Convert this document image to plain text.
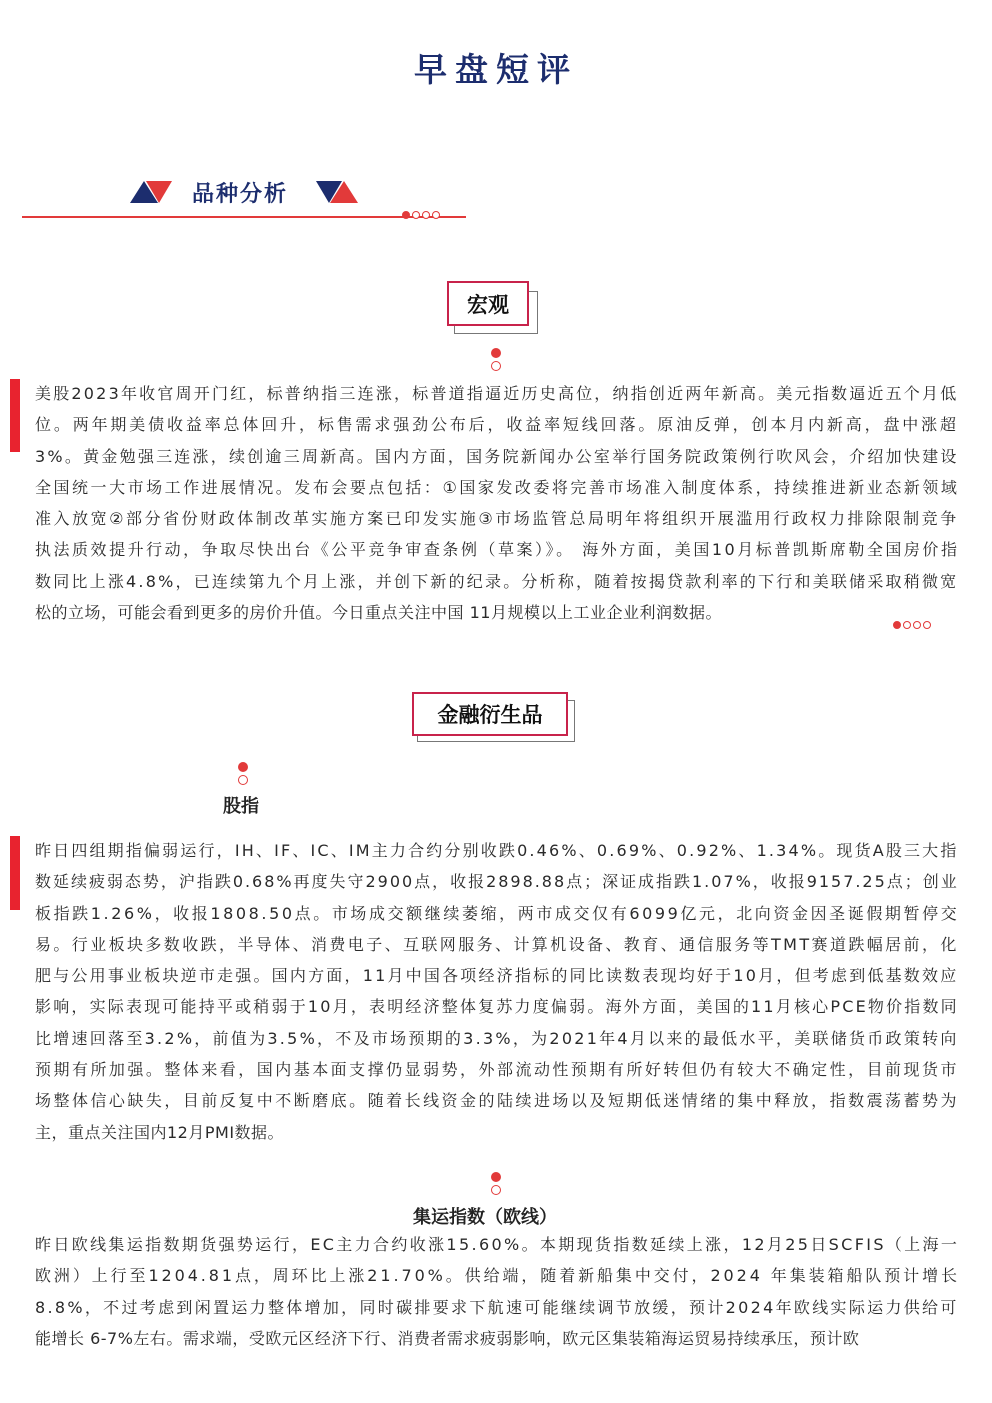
早盘短评
品种分析
宏观
美股2023年收官周开门红，标普纳指三连涨，标普道指逼近历史高位，纳指创近两年新高。美元指数逼近五个月低
位。两年期美债收益率总体回升，标售需求强劲公布后，收益率短线回落。原油反弹，创本月内新高，盘中涨超
3%。黄金勉强三连涨，续创逾三周新高。国内方面，国务院新闻办公室举行国务院政策例行吹风会，介绍加快建设
全国统一大市场工作进展情况。发布会要点包括：①国家发改委将完善市场准入制度体系，持续推进新业态新领域
准入放宽②部分省份财政体制改革实施方案已印发实施③市场监管总局明年将组织开展滥用行政权力排除限制竞争
执法质效提升行动，争取尽快出台《公平竞争审查条例（草案）》。 海外方面，美国10月标普凯斯席勒全国房价指
数同比上涨4.8%，已连续第九个月上涨，并创下新的纪录。分析称，随着按揭贷款利率的下行和美联储采取稍微宽
松的立场，可能会看到更多的房价升值。今日重点关注中国 11月规模以上工业企业利润数据。
金融衍生品
股指
昨日四组期指偏弱运行，IH、IF、IC、IM主力合约分别收跌0.46%、0.69%、0.92%、1.34%。现货A股三大指
数延续疲弱态势，沪指跌0.68%再度失守2900点，收报2898.88点；深证成指跌1.07%，收报9157.25点；创业
板指跌1.26%，收报1808.50点。市场成交额继续萎缩，两市成交仅有6099亿元，北向资金因圣诞假期暂停交
易。行业板块多数收跌，半导体、消费电子、互联网服务、计算机设备、教育、通信服务等TMT赛道跌幅居前，化
肥与公用事业板块逆市走强。国内方面，11月中国各项经济指标的同比读数表现均好于10月，但考虑到低基数效应
影响，实际表现可能持平或稍弱于10月，表明经济整体复苏力度偏弱。海外方面，美国的11月核心PCE物价指数同
比增速回落至3.2%，前值为3.5%，不及市场预期的3.3%，为2021年4月以来的最低水平，美联储货币政策转向
预期有所加强。整体来看，国内基本面支撑仍显弱势，外部流动性预期有所好转但仍有较大不确定性，目前现货市
场整体信心缺失，目前反复中不断磨底。随着长线资金的陆续进场以及短期低迷情绪的集中释放，指数震荡蓄势为
主，重点关注国内12月PMI数据。
集运指数（欧线）
昨日欧线集运指数期货强势运行，EC主力合约收涨15.60%。本期现货指数延续上涨，12月25日SCFIS（上海一
欧洲）上行至1204.81点，周环比上涨21.70%。供给端，随着新船集中交付，2024 年集装箱船队预计增长
8.8%，不过考虑到闲置运力整体增加，同时碳排要求下航速可能继续调节放缓，预计2024年欧线实际运力供给可
能增长 6-7%左右。需求端，受欧元区经济下行、消费者需求疲弱影响，欧元区集装箱海运贸易持续承压，预计欧
